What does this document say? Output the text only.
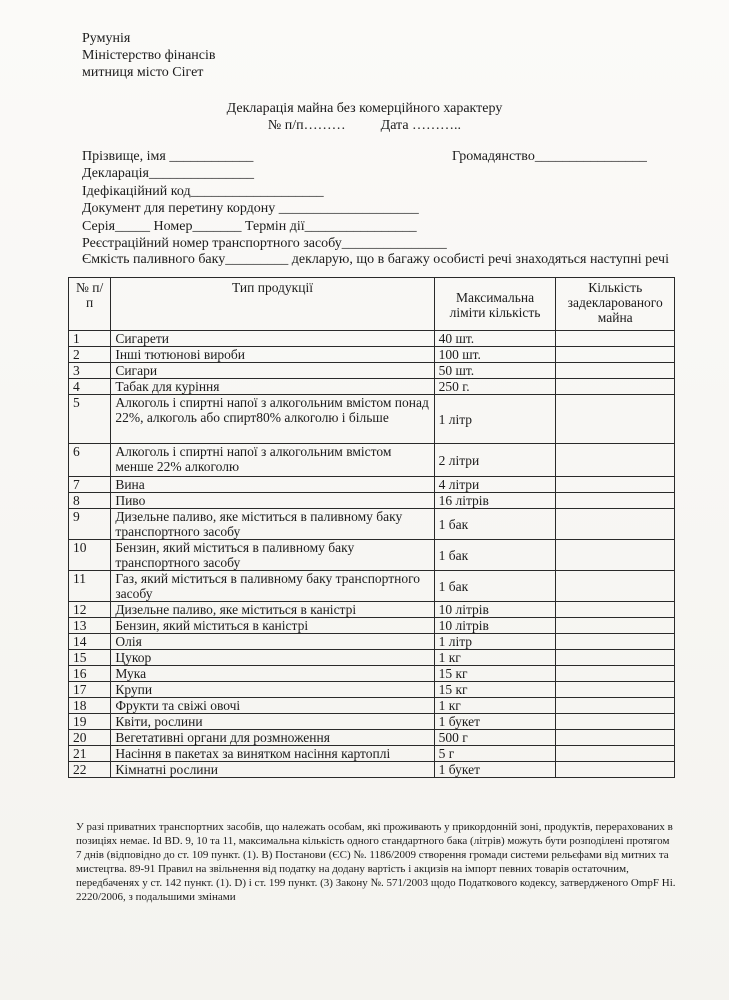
Румунія
Міністерство фінансів
митниця місто Сігет
Декларація майна без комерційного характеру
№ п/п………	Дата ………..
Прізвище, імя ____________	Громадянство________________
Декларація_______________
Ідефікаційний код___________________
Документ для перетину кордону ____________________
Серія_____ Номер_______ Термін дії________________
Реєстраційний номер транспортного засобу_______________
Ємкість паливного баку_________ декларую, що в багажу особисті речі знаходяться наступні речі
№ п/п	Тип продукції	Максимальна ліміти кількість	Кількість задекларованого майна
1	Сигарети	40 шт.	
2	Інші тютюнові вироби	100 шт.	
3	Сигари	50 шт.	
4	Табак для куріння	250 г.	
5	Алкоголь і спиртні напої з алкогольним вмістом понад 22%, алкоголь або спирт80% алкоголю і більше	1 літр	
6	Алкоголь і спиртні напої з алкогольним вмістом менше 22% алкоголю	2 літри	
7	Вина	4 літри	
8	Пиво	16 літрів	
9	Дизельне паливо, яке міститься в паливному баку транспортного засобу	1 бак	
10	Бензин, який міститься в паливному баку транспортного засобу	1 бак	
11	Газ, який міститься в паливному баку транспортного засобу	1 бак	
12	Дизельне паливо, яке міститься в каністрі	10 літрів	
13	Бензин, який міститься в каністрі	10 літрів	
14	Олія	1 літр	
15	Цукор	1 кг	
16	Мука	15 кг	
17	Крупи	15 кг	
18	Фрукти та свіжі овочі	1 кг	
19	Квіти, рослини	1 букет	
20	Вегетативні органи для розмноження	500 г	
21	Насіння в пакетах за винятком насіння картоплі	5 г	
22	Кімнатні рослини	1 букет	
У разі приватних транспортних засобів, що належать особам, які проживають у прикордонній зоні, продуктів, перерахованих в позиціях немає. Id BD. 9, 10 та 11, максимальна кількість одного стандартного бака (літрів) можуть бути розподілені протягом 7 днів (відповідно до ст. 109 пункт. (1). В) Постанови (ЄС) №. 1186/2009 створення громади системи рельєфами від митних та мистецтва. 89-91 Правил на звільнення від податку на додану вартість і акцизів на імпорт певних товарів остаточним, передбаченях у ст. 142 пункт. (1). D) і ст. 199 пункт. (3) Закону №. 571/2003 щодо Податкового кодексу, затвердженого OmpF Hi. 2220/2006, з подальшими змінами
